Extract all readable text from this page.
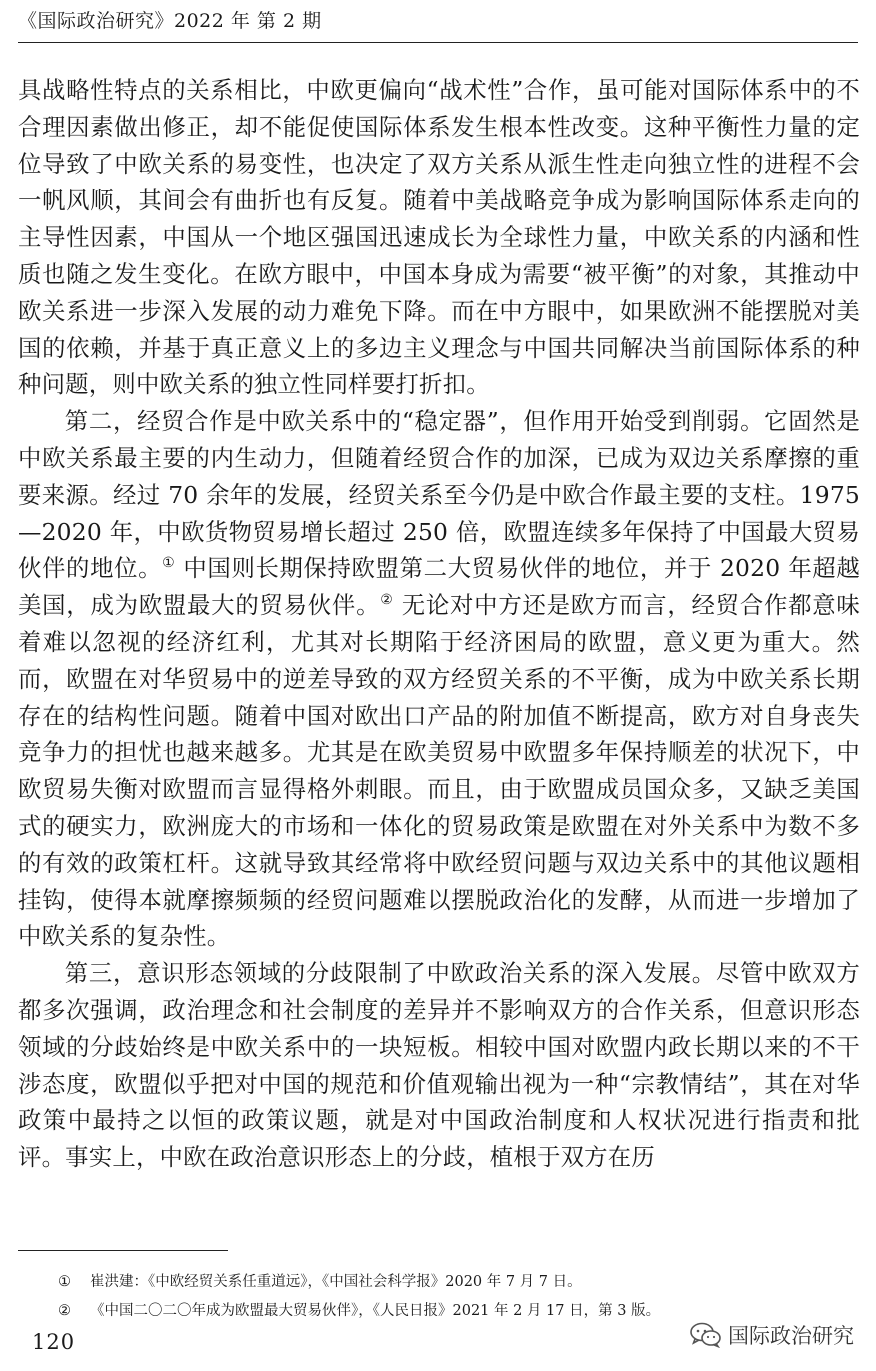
《国际政治研究》2022 年 第 2 期

具战略性特点的关系相比，中欧更偏向“战术性”合作，虽可能对国际体系中的不合理因素做出修正，却不能促使国际体系发生根本性改变。这种平衡性力量的定位导致了中欧关系的易变性，也决定了双方关系从派生性走向独立性的进程不会一帆风顺，其间会有曲折也有反复。随着中美战略竞争成为影响国际体系走向的主导性因素，中国从一个地区强国迅速成长为全球性力量，中欧关系的内涵和性质也随之发生变化。在欧方眼中，中国本身成为需要“被平衡”的对象，其推动中欧关系进一步深入发展的动力难免下降。而在中方眼中，如果欧洲不能摆脱对美国的依赖，并基于真正意义上的多边主义理念与中国共同解决当前国际体系的种种问题，则中欧关系的独立性同样要打折扣。

第二，经贸合作是中欧关系中的“稳定器”，但作用开始受到削弱。它固然是中欧关系最主要的内生动力，但随着经贸合作的加深，已成为双边关系摩擦的重要来源。经过 70 余年的发展，经贸关系至今仍是中欧合作最主要的支柱。1975—2020 年，中欧货物贸易增长超过 250 倍，欧盟连续多年保持了中国最大贸易伙伴的地位。① 中国则长期保持欧盟第二大贸易伙伴的地位，并于 2020 年超越美国，成为欧盟最大的贸易伙伴。② 无论对中方还是欧方而言，经贸合作都意味着难以忽视的经济红利，尤其对长期陷于经济困局的欧盟，意义更为重大。然而，欧盟在对华贸易中的逆差导致的双方经贸关系的不平衡，成为中欧关系长期存在的结构性问题。随着中国对欧出口产品的附加值不断提高，欧方对自身丧失竞争力的担忧也越来越多。尤其是在欧美贸易中欧盟多年保持顺差的状况下，中欧贸易失衡对欧盟而言显得格外刺眼。而且，由于欧盟成员国众多，又缺乏美国式的硬实力，欧洲庞大的市场和一体化的贸易政策是欧盟在对外关系中为数不多的有效的政策杠杆。这就导致其经常将中欧经贸问题与双边关系中的其他议题相挂钩，使得本就摩擦频频的经贸问题难以摆脱政治化的发酵，从而进一步增加了中欧关系的复杂性。

第三，意识形态领域的分歧限制了中欧政治关系的深入发展。尽管中欧双方都多次强调，政治理念和社会制度的差异并不影响双方的合作关系，但意识形态领域的分歧始终是中欧关系中的一块短板。相较中国对欧盟内政长期以来的不干涉态度，欧盟似乎把对中国的规范和价值观输出视为一种“宗教情结”，其在对华政策中最持之以恒的政策议题，就是对中国政治制度和人权状况进行指责和批评。事实上，中欧在政治意识形态上的分歧，植根于双方在历

① 崔洪建：《中欧经贸关系任重道远》，《中国社会科学报》2020 年 7 月 7 日。
② 《中国二〇二〇年成为欧盟最大贸易伙伴》，《人民日报》2021 年 2 月 17 日，第 3 版。
120	国际政治研究
